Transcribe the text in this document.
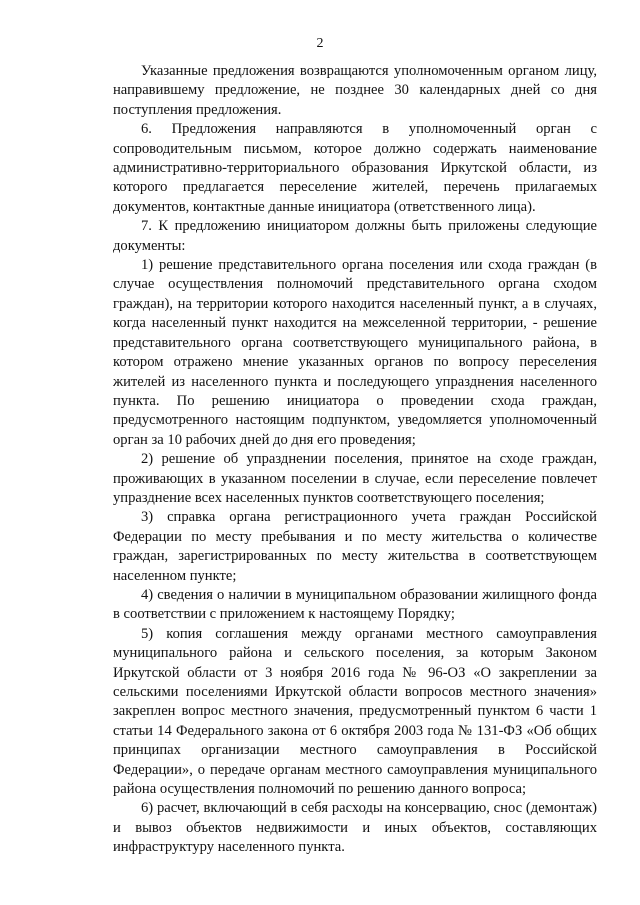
2

Указанные предложения возвращаются уполномоченным органом лицу, направившему предложение, не позднее 30 календарных дней со дня поступления предложения.

6. Предложения направляются в уполномоченный орган с сопроводительным письмом, которое должно содержать наименование административно-территориального образования Иркутской области, из которого предлагается переселение жителей, перечень прилагаемых документов, контактные данные инициатора (ответственного лица).

7. К предложению инициатором должны быть приложены следующие документы:

1) решение представительного органа поселения или схода граждан (в случае осуществления полномочий представительного органа сходом граждан), на территории которого находится населенный пункт, а в случаях, когда населенный пункт находится на межселенной территории, - решение представительного органа соответствующего муниципального района, в котором отражено мнение указанных органов по вопросу переселения жителей из населенного пункта и последующего упразднения населенного пункта. По решению инициатора о проведении схода граждан, предусмотренного настоящим подпунктом, уведомляется уполномоченный орган за 10 рабочих дней до дня его проведения;

2) решение об упразднении поселения, принятое на сходе граждан, проживающих в указанном поселении в случае, если переселение повлечет упразднение всех населенных пунктов соответствующего поселения;

3) справка органа регистрационного учета граждан Российской Федерации по месту пребывания и по месту жительства о количестве граждан, зарегистрированных по месту жительства в соответствующем населенном пункте;

4) сведения о наличии в муниципальном образовании жилищного фонда в соответствии с приложением к настоящему Порядку;

5) копия соглашения между органами местного самоуправления муниципального района и сельского поселения, за которым Законом Иркутской области от 3 ноября 2016 года № 96-ОЗ «О закреплении за сельскими поселениями Иркутской области вопросов местного значения» закреплен вопрос местного значения, предусмотренный пунктом 6 части 1 статьи 14 Федерального закона от 6 октября 2003 года № 131-ФЗ «Об общих принципах организации местного самоуправления в Российской Федерации», о передаче органам местного самоуправления муниципального района осуществления полномочий по решению данного вопроса;

6) расчет, включающий в себя расходы на консервацию, снос (демонтаж) и вывоз объектов недвижимости и иных объектов, составляющих инфраструктуру населенного пункта.
